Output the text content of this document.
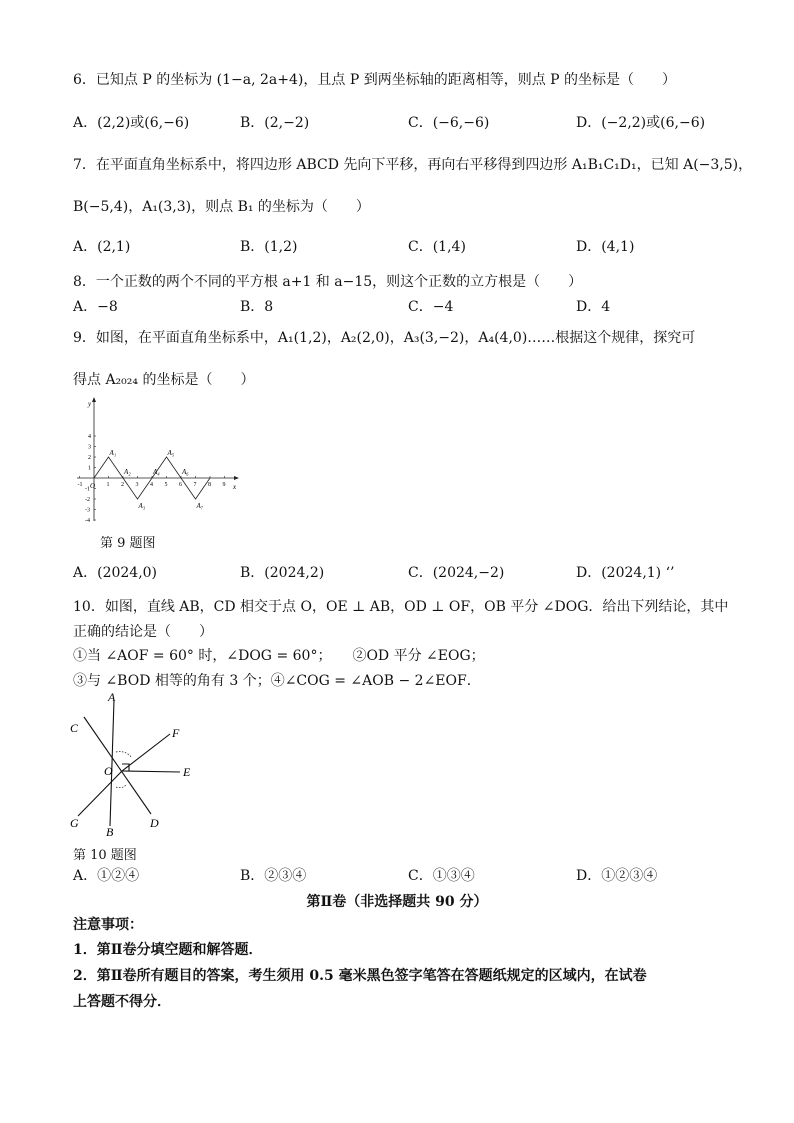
6．已知点 P 的坐标为 (1−a, 2a+4)，且点 P 到两坐标轴的距离相等，则点 P 的坐标是（　　）
A．(2,2)或(6,−6)	B．(2,−2)	C．(−6,−6)	D．(−2,2)或(6,−6)
7．在平面直角坐标系中，将四边形 ABCD 先向下平移，再向右平移得到四边形 A₁B₁C₁D₁，已知 A(−3,5)，
B(−5,4)，A₁(3,3)，则点 B₁ 的坐标为（　　）
A．(2,1)	B．(1,2)	C．(1,4)	D．(4,1)
8．一个正数的两个不同的平方根 a+1 和 a−15，则这个正数的立方根是（　　）
A．−8	B．8	C．−4	D．4
9．如图，在平面直角坐标系中，A₁(1,2)，A₂(2,0)，A₃(3,−2)，A₄(4,0)……根据这个规律，探究可
得点 A₂₀₂₄ 的坐标是（　　）
x
y
O
-1	1 2 3 4 5 6 7 8 9
4
3
2
1
-1
-2
-3
-4
A₁
A₂
A₃
A₄
A₅
A₆
A₇
第 9 题图
A．(2024,0)	B．(2024,2)	C．(2024,−2)	D．(2024,1) ‘’
10．如图，直线 AB，CD 相交于点 O，OE ⊥ AB，OD ⊥ OF，OB 平分 ∠DOG．给出下列结论，其中
正确的结论是（　　）
①当 ∠AOF = 60° 时，∠DOG = 60°；　　②OD 平分 ∠EOG；
③与 ∠BOD 相等的角有 3 个；④∠COG = ∠AOB − 2∠EOF．
A
B
C
D
E
F
G
O
第 10 题图
A．①②④	B．②③④	C．①③④	D．①②③④
第Ⅱ卷（非选择题共 90 分）
注意事项：
1．第Ⅱ卷分填空题和解答题．
2．第Ⅱ卷所有题目的答案，考生须用 0.5 毫米黑色签字笔答在答题纸规定的区域内，在试卷
上答题不得分．
